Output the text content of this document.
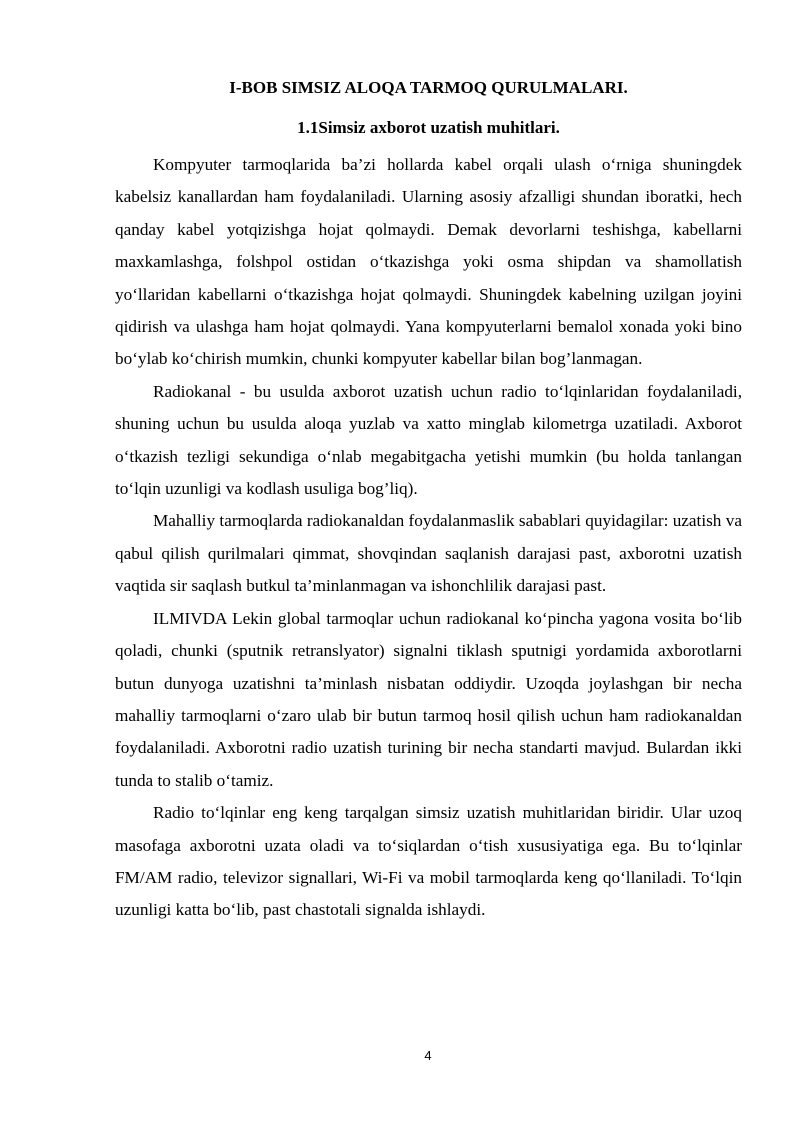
I-BOB SIMSIZ ALOQA TARMOQ QURULMALARI.
1.1Simsiz axborot uzatish muhitlari.

Kompyuter tarmoqlarida ba’zi hollarda kabel orqali ulash o‘rniga shuningdek kabelsiz kanallardan ham foydalaniladi. Ularning asosiy afzalligi shundan iboratki, hech qanday kabel yotqizishga hojat qolmaydi. Demak devorlarni teshishga, kabellarni maxkamlashga, folshpol ostidan o‘tkazishga yoki osma shipdan va shamollatish yo‘llaridan kabellarni o‘tkazishga hojat qolmaydi. Shuningdek kabelning uzilgan joyini qidirish va ulashga ham hojat qolmaydi. Yana kompyuterlarni bemalol xonada yoki bino bo‘ylab ko‘chirish mumkin, chunki kompyuter kabellar bilan bog’lanmagan.

Radiokanal - bu usulda axborot uzatish uchun radio to‘lqinlaridan foydalaniladi, shuning uchun bu usulda aloqa yuzlab va xatto minglab kilometrga uzatiladi. Axborot o‘tkazish tezligi sekundiga o‘nlab megabitgacha yetishi mumkin (bu holda tanlangan to‘lqin uzunligi va kodlash usuliga bog’liq).

Mahalliy tarmoqlarda radiokanaldan foydalanmaslik sabablari quyidagilar: uzatish va qabul qilish qurilmalari qimmat, shovqindan saqlanish darajasi past, axborotni uzatish vaqtida sir saqlash butkul ta’minlanmagan va ishonchlilik darajasi past.

ILMIVDA Lekin global tarmoqlar uchun radiokanal ko‘pincha yagona vosita bo‘lib qoladi, chunki (sputnik retranslyator) signalni tiklash sputnigi yordamida axborotlarni butun dunyoga uzatishni ta’minlash nisbatan oddiydir. Uzoqda joylashgan bir necha mahalliy tarmoqlarni o‘zaro ulab bir butun tarmoq hosil qilish uchun ham radiokanaldan foydalaniladi. Axborotni radio uzatish turining bir necha standarti mavjud. Bulardan ikki tunda to stalib o‘tamiz.

Radio to‘lqinlar eng keng tarqalgan simsiz uzatish muhitlaridan biridir. Ular uzoq masofaga axborotni uzata oladi va to‘siqlardan o‘tish xususiyatiga ega. Bu to‘lqinlar FM/AM radio, televizor signallari, Wi-Fi va mobil tarmoqlarda keng qo‘llaniladi. To‘lqin uzunligi katta bo‘lib, past chastotali signalda ishlaydi.

4
